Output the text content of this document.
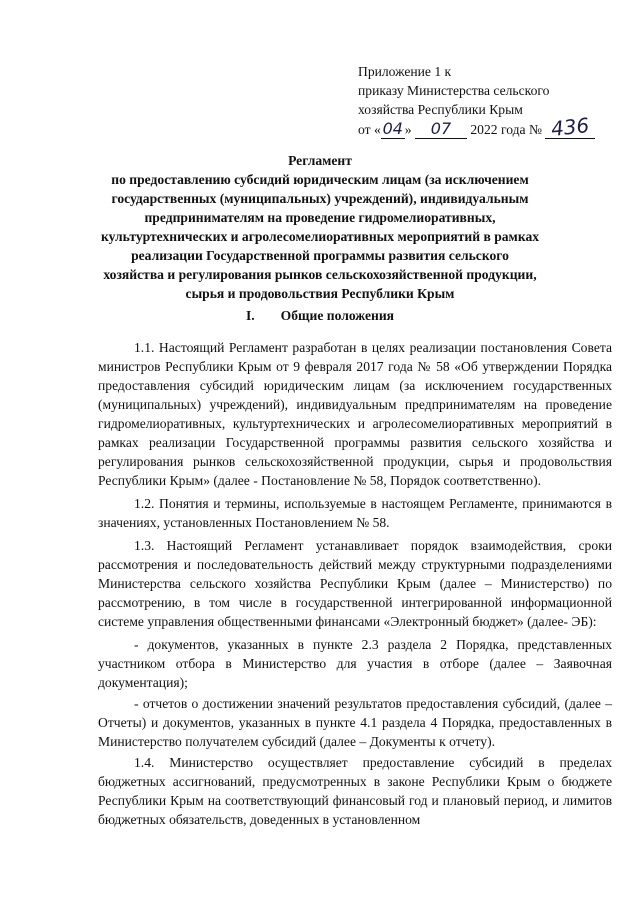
Приложение 1 к
приказу Министерства сельского
хозяйства Республики Крым
от « 04 » 07 2022 года № 436
Регламент
по предоставлению субсидий юридическим лицам (за исключением государственных (муниципальных) учреждений), индивидуальным предпринимателям на проведение гидромелиоративных, культуртехнических и агролесомелиоративных мероприятий в рамках реализации Государственной программы развития сельского хозяйства и регулирования рынков сельскохозяйственной продукции, сырья и продовольствия Республики Крым
I. Общие положения

1.1. Настоящий Регламент разработан в целях реализации постановления Совета министров Республики Крым от 9 февраля 2017 года № 58 «Об утверждении Порядка предоставления субсидий юридическим лицам (за исключением государственных (муниципальных) учреждений), индивидуальным предпринимателям на проведение гидромелиоративных, культуртехнических и агролесомелиоративных мероприятий в рамках реализации Государственной программы развития сельского хозяйства и регулирования рынков сельскохозяйственной продукции, сырья и продовольствия Республики Крым» (далее - Постановление № 58, Порядок соответственно).

1.2. Понятия и термины, используемые в настоящем Регламенте, принимаются в значениях, установленных Постановлением № 58.

1.3. Настоящий Регламент устанавливает порядок взаимодействия, сроки рассмотрения и последовательность действий между структурными подразделениями Министерства сельского хозяйства Республики Крым (далее – Министерство) по рассмотрению, в том числе в государственной интегрированной информационной системе управления общественными финансами «Электронный бюджет» (далее- ЭБ):

- документов, указанных в пункте 2.3 раздела 2 Порядка, представленных участником отбора в Министерство для участия в отборе (далее – Заявочная документация);

- отчетов о достижении значений результатов предоставления субсидий, (далее – Отчеты) и документов, указанных в пункте 4.1 раздела 4 Порядка, предоставленных в Министерство получателем субсидий (далее – Документы к отчету).

1.4. Министерство осуществляет предоставление субсидий в пределах бюджетных ассигнований, предусмотренных в законе Республики Крым о бюджете Республики Крым на соответствующий финансовый год и плановый период, и лимитов бюджетных обязательств, доведенных в установленном
